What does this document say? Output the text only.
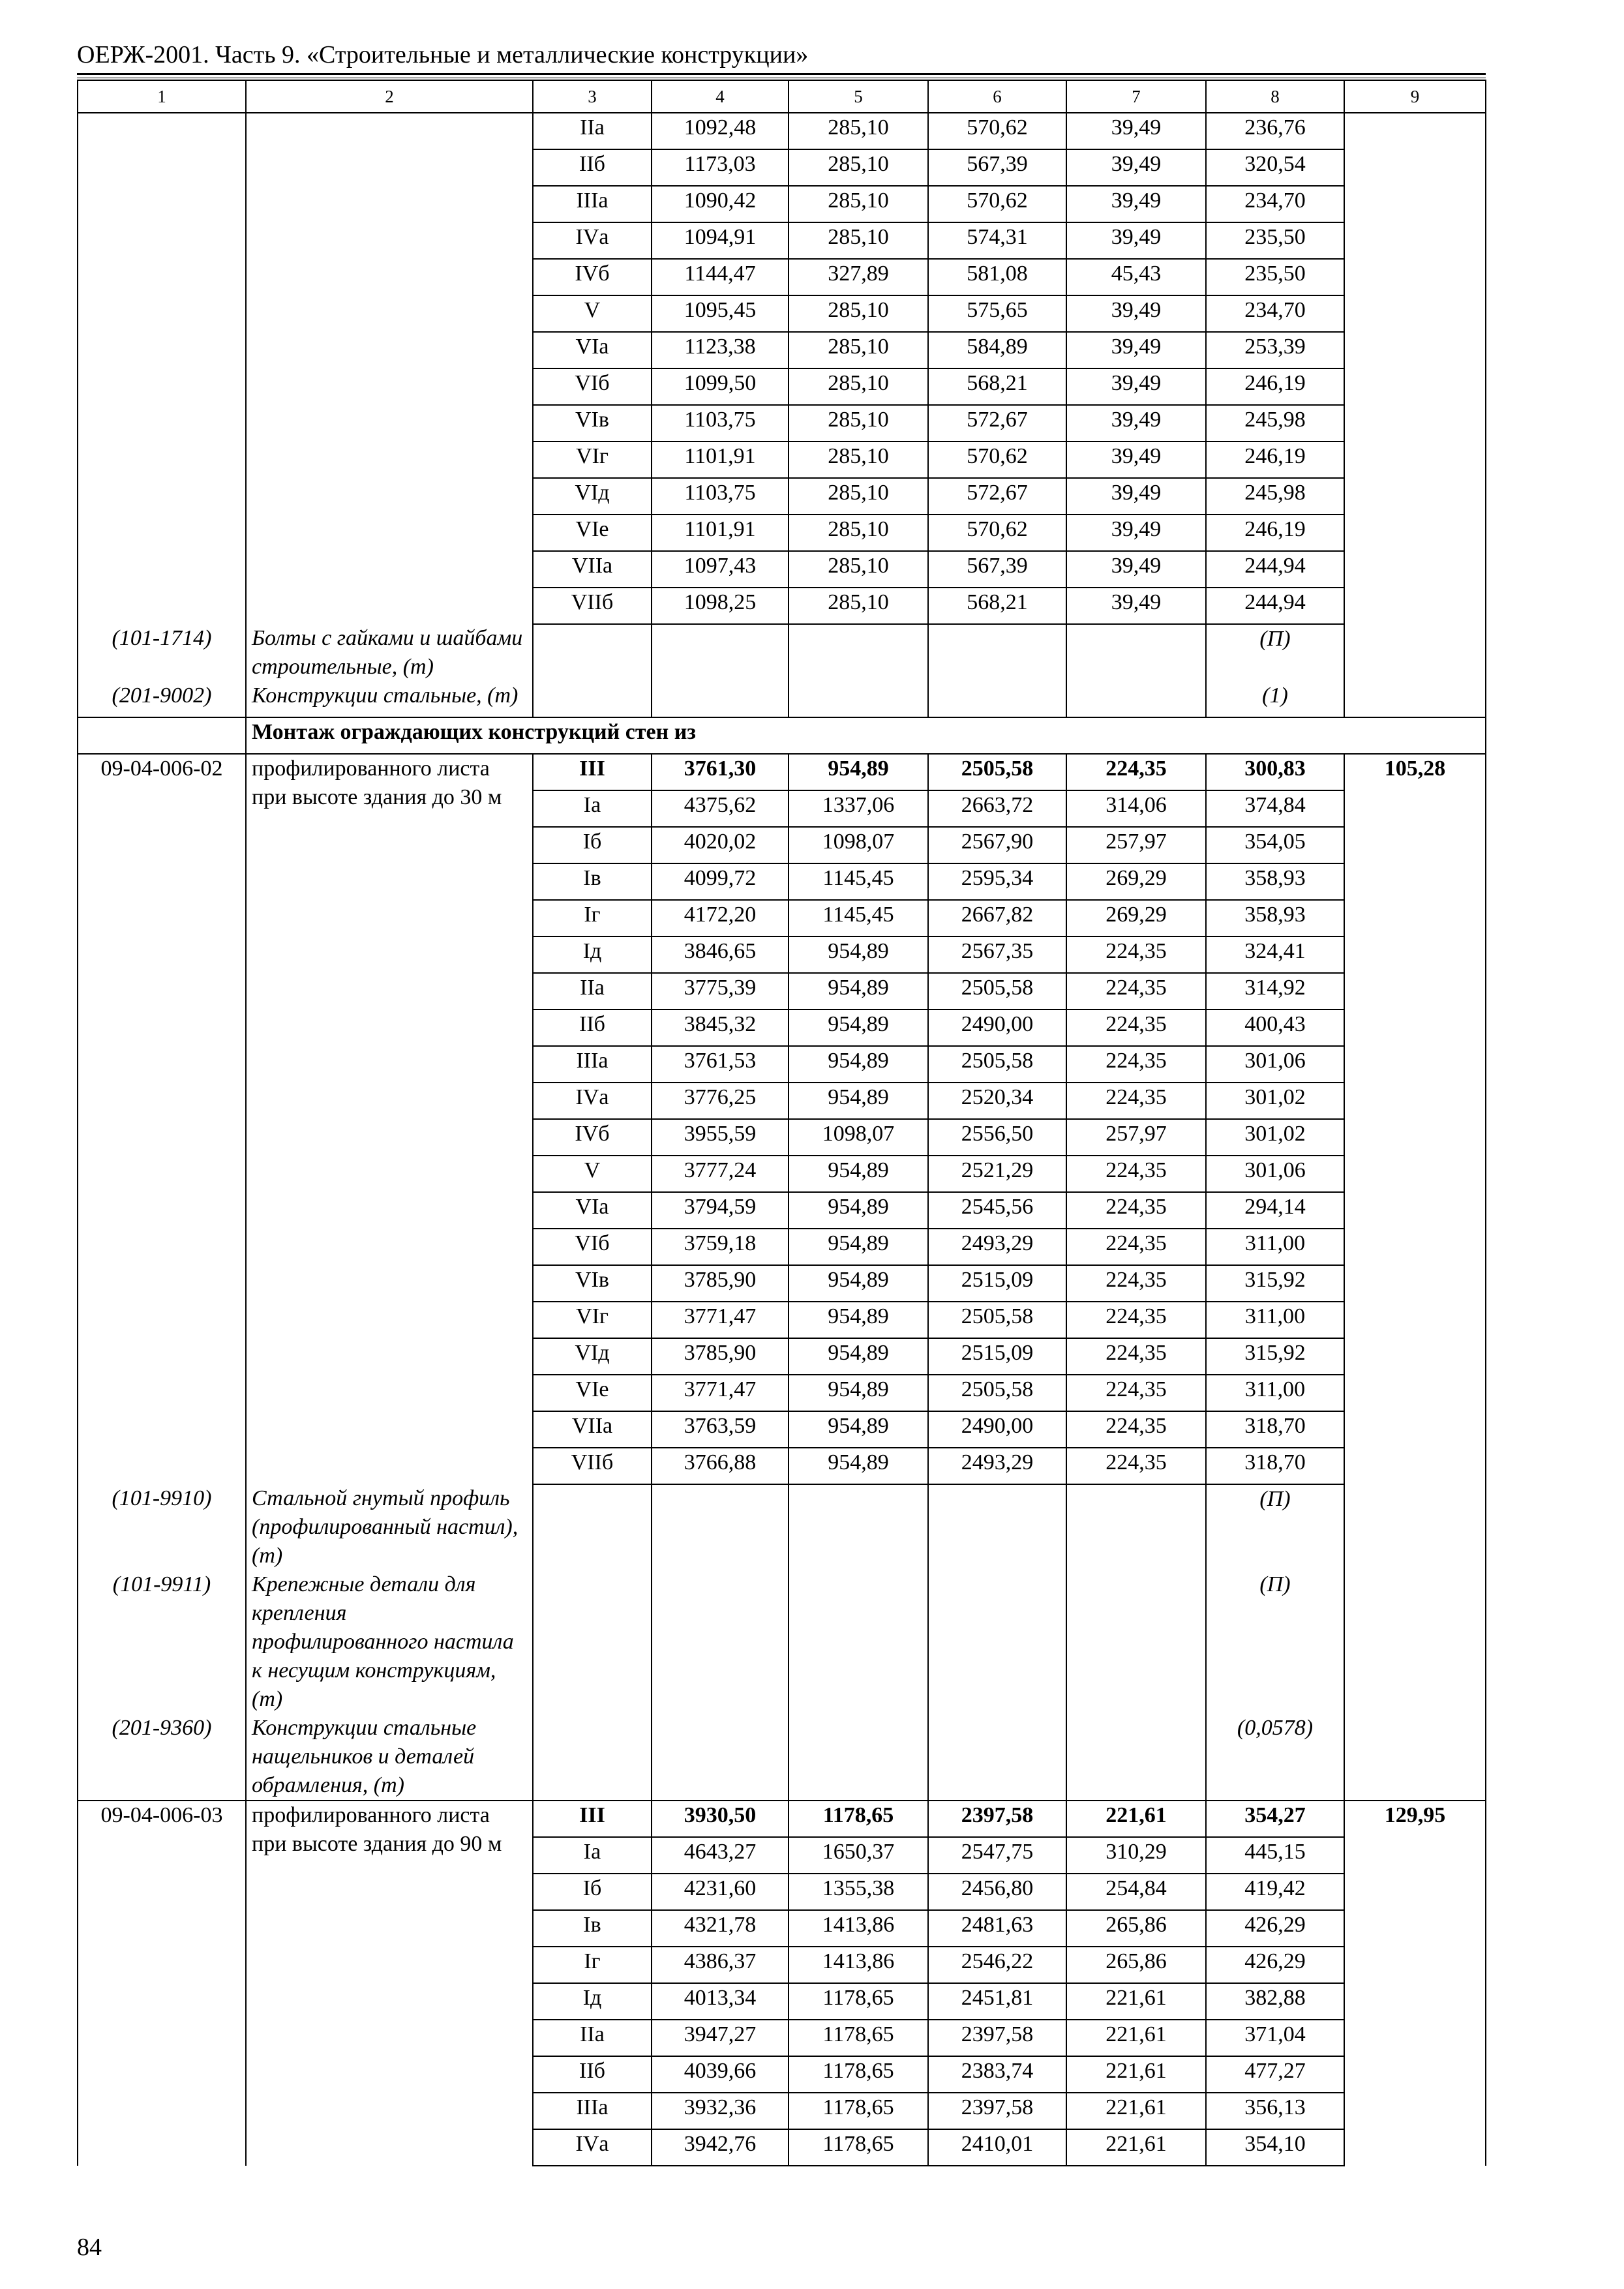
ОЕРЖ-2001. Часть 9. «Строительные и металлические конструкции»
1	2	3	4	5	6	7	8	9
		IIа	1092,48	285,10	570,62	39,49	236,76	
		IIб	1173,03	285,10	567,39	39,49	320,54	
		IIIа	1090,42	285,10	570,62	39,49	234,70	
		IVа	1094,91	285,10	574,31	39,49	235,50	
		IVб	1144,47	327,89	581,08	45,43	235,50	
		V	1095,45	285,10	575,65	39,49	234,70	
		VIа	1123,38	285,10	584,89	39,49	253,39	
		VIб	1099,50	285,10	568,21	39,49	246,19	
		VIв	1103,75	285,10	572,67	39,49	245,98	
		VIг	1101,91	285,10	570,62	39,49	246,19	
		VIд	1103,75	285,10	572,67	39,49	245,98	
		VIе	1101,91	285,10	570,62	39,49	246,19	
		VIIа	1097,43	285,10	567,39	39,49	244,94	
		VIIб	1098,25	285,10	568,21	39,49	244,94	
(101-1714)	Болты с гайками и шайбами строительные, (т)						(П)	
(201-9002)	Конструкции стальные, (т)						(1)	
	Монтаж ограждающих конструкций стен из							
09-04-006-02	профилированного листа при высоте здания до 30 м	III	3761,30	954,89	2505,58	224,35	300,83	105,28
		Iа	4375,62	1337,06	2663,72	314,06	374,84	
		Iб	4020,02	1098,07	2567,90	257,97	354,05	
		Iв	4099,72	1145,45	2595,34	269,29	358,93	
		Iг	4172,20	1145,45	2667,82	269,29	358,93	
		Iд	3846,65	954,89	2567,35	224,35	324,41	
		IIа	3775,39	954,89	2505,58	224,35	314,92	
		IIб	3845,32	954,89	2490,00	224,35	400,43	
		IIIа	3761,53	954,89	2505,58	224,35	301,06	
		IVа	3776,25	954,89	2520,34	224,35	301,02	
		IVб	3955,59	1098,07	2556,50	257,97	301,02	
		V	3777,24	954,89	2521,29	224,35	301,06	
		VIа	3794,59	954,89	2545,56	224,35	294,14	
		VIб	3759,18	954,89	2493,29	224,35	311,00	
		VIв	3785,90	954,89	2515,09	224,35	315,92	
		VIг	3771,47	954,89	2505,58	224,35	311,00	
		VIд	3785,90	954,89	2515,09	224,35	315,92	
		VIе	3771,47	954,89	2505,58	224,35	311,00	
		VIIа	3763,59	954,89	2490,00	224,35	318,70	
		VIIб	3766,88	954,89	2493,29	224,35	318,70	
(101-9910)	Стальной гнутый профиль (профилированный настил), (т)						(П)	
(101-9911)	Крепежные детали для крепления профилированного настила к несущим конструкциям, (т)						(П)	
(201-9360)	Конструкции стальные нащельников и деталей обрамления, (т)						(0,0578)	
09-04-006-03	профилированного листа при высоте здания до 90 м	III	3930,50	1178,65	2397,58	221,61	354,27	129,95
		Iа	4643,27	1650,37	2547,75	310,29	445,15	
		Iб	4231,60	1355,38	2456,80	254,84	419,42	
		Iв	4321,78	1413,86	2481,63	265,86	426,29	
		Iг	4386,37	1413,86	2546,22	265,86	426,29	
		Iд	4013,34	1178,65	2451,81	221,61	382,88	
		IIа	3947,27	1178,65	2397,58	221,61	371,04	
		IIб	4039,66	1178,65	2383,74	221,61	477,27	
		IIIа	3932,36	1178,65	2397,58	221,61	356,13	
		IVа	3942,76	1178,65	2410,01	221,61	354,10	
84
